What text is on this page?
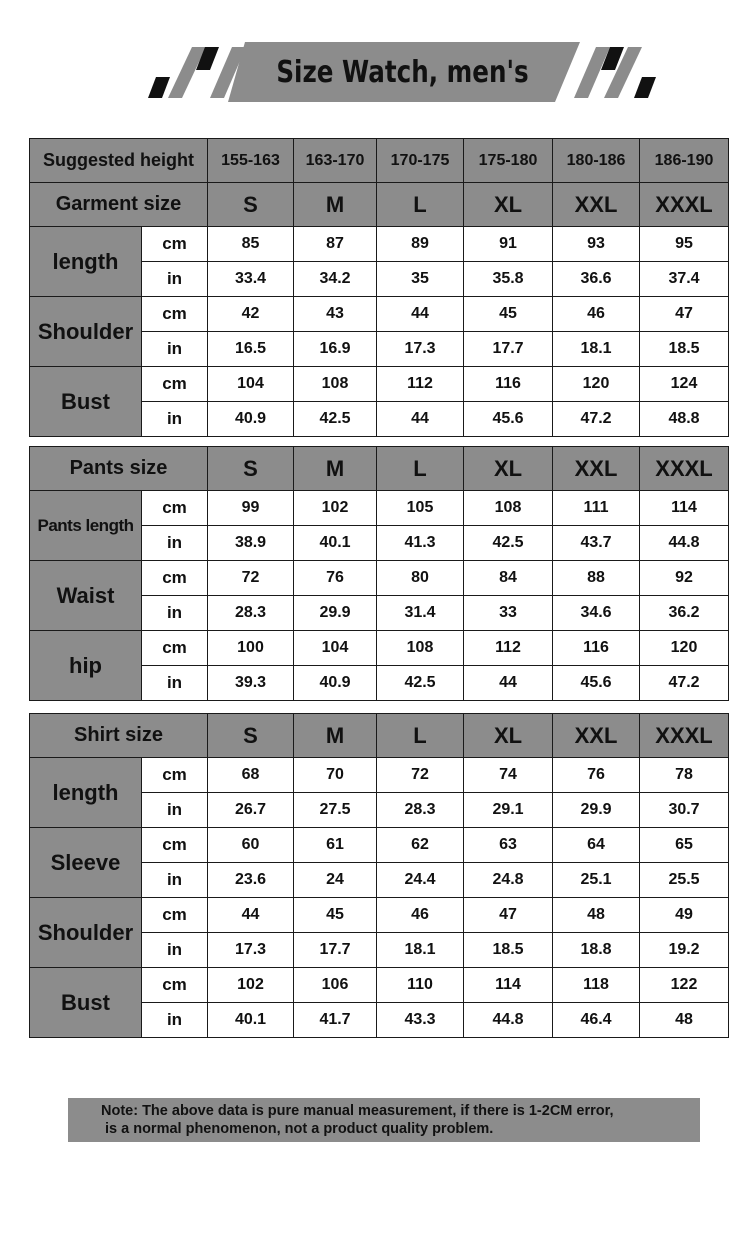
Size Watch, men's
Suggested height		155-163	163-170	170-175	175-180	180-186	186-190
Garment size		S	M	L	XL	XXL	XXXL
length	cm	85	87	89	91	93	95
	in	33.4	34.2	35	35.8	36.6	37.4
Shoulder	cm	42	43	44	45	46	47
	in	16.5	16.9	17.3	17.7	18.1	18.5
Bust	cm	104	108	112	116	120	124
	in	40.9	42.5	44	45.6	47.2	48.8
Pants size		S	M	L	XL	XXL	XXXL
Pants length	cm	99	102	105	108	111	114
	in	38.9	40.1	41.3	42.5	43.7	44.8
Waist	cm	72	76	80	84	88	92
	in	28.3	29.9	31.4	33	34.6	36.2
hip	cm	100	104	108	112	116	120
	in	39.3	40.9	42.5	44	45.6	47.2
Shirt size		S	M	L	XL	XXL	XXXL
length	cm	68	70	72	74	76	78
	in	26.7	27.5	28.3	29.1	29.9	30.7
Sleeve	cm	60	61	62	63	64	65
	in	23.6	24	24.4	24.8	25.1	25.5
Shoulder	cm	44	45	46	47	48	49
	in	17.3	17.7	18.1	18.5	18.8	19.2
Bust	cm	102	106	110	114	118	122
	in	40.1	41.7	43.3	44.8	46.4	48
Note: The above data is pure manual measurement, if there is 1-2CM error,
is a normal phenomenon, not a product quality problem.
